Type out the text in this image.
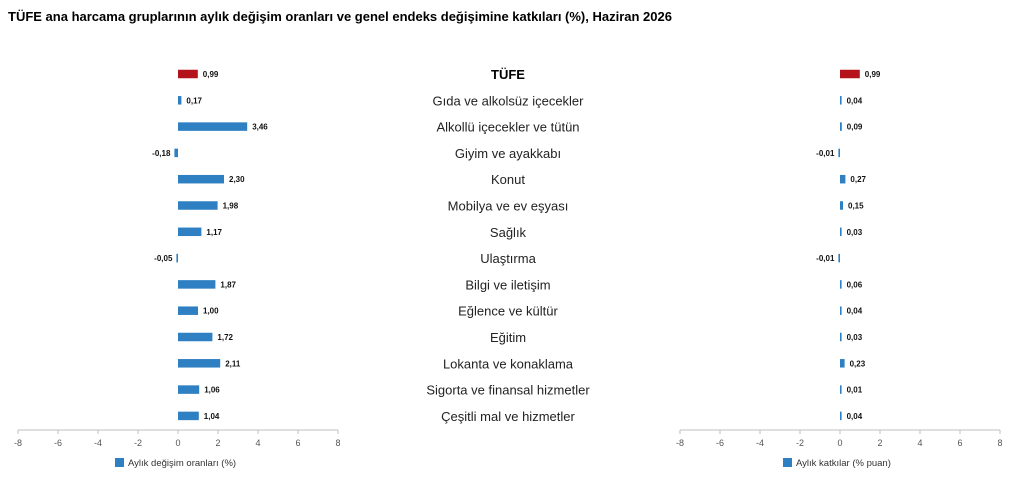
TÜFE ana harcama gruplarının aylık değişim oranları ve genel endeks değişimine katkıları (%), Haziran 2026
-8	-6	-4	-2	0	2	4	6	8
0,99
0,17
3,46
-0,18
2,30
1,98
1,17
-0,05
1,87
1,00
1,72
2,11
1,06
1,04
Aylık değişim oranları (%)
TÜFE
Gıda ve alkolsüz içecekler
Alkollü içecekler ve tütün
Giyim ve ayakkabı
Konut
Mobilya ve ev eşyası
Sağlık
Ulaştırma
Bilgi ve iletişim
Eğlence ve kültür
Eğitim
Lokanta ve konaklama
Sigorta ve finansal hizmetler
Çeşitli mal ve hizmetler
-8	-6	-4	-2	0	2	4	6	8
0,99
0,04
0,09
-0,01
0,27
0,15
0,03
-0,01
0,06
0,04
0,03
0,23
0,01
0,04
Aylık katkılar (% puan)
